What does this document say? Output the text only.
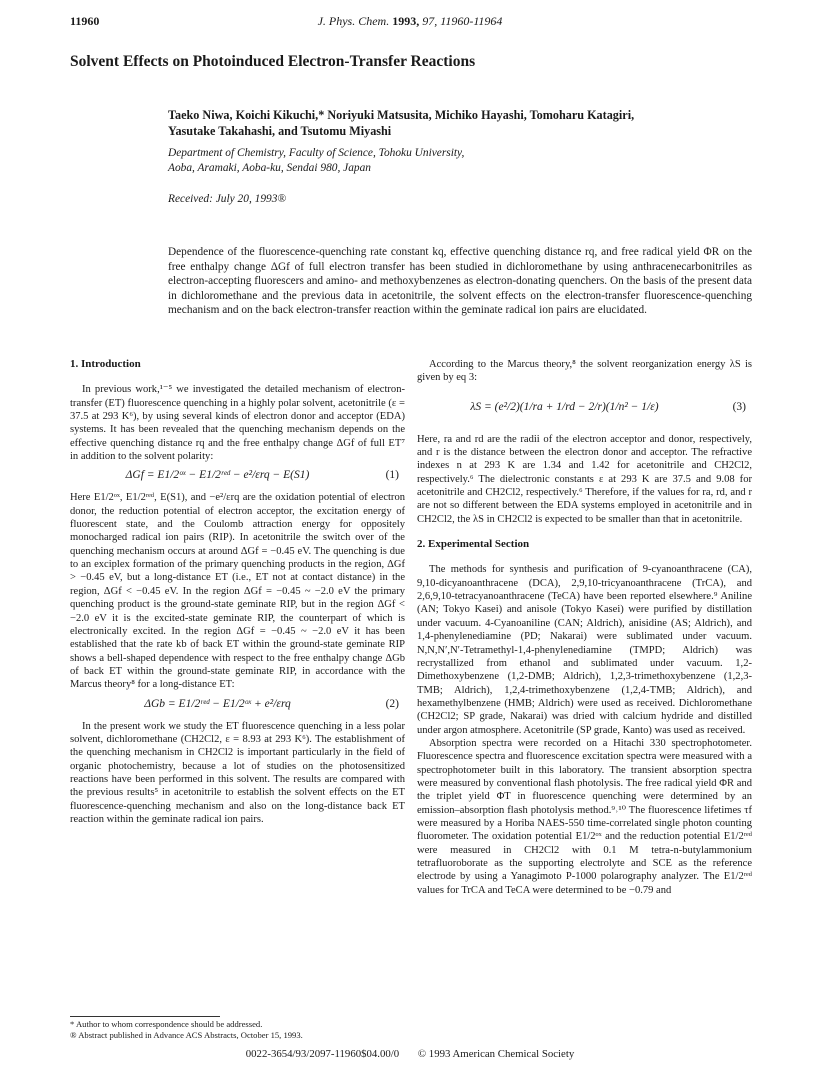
11960	J. Phys. Chem. 1993, 97, 11960-11964
Solvent Effects on Photoinduced Electron-Transfer Reactions
Taeko Niwa, Koichi Kikuchi,* Noriyuki Matsusita, Michiko Hayashi, Tomoharu Katagiri,
Yasutake Takahashi, and Tsutomu Miyashi
Department of Chemistry, Faculty of Science, Tohoku University,
Aoba, Aramaki, Aoba-ku, Sendai 980, Japan
Received: July 20, 1993®
Dependence of the fluorescence-quenching rate constant kq, effective quenching distance rq, and free radical yield ΦR on the free enthalpy change ΔGf of full electron transfer has been studied in dichloromethane by using anthracenecarbonitriles as electron-accepting fluorescers and amino- and methoxybenzenes as electron-donating quenchers. On the basis of the present data in dichloromethane and the previous data in acetonitrile, the solvent effects on the electron-transfer fluorescence-quenching mechanism and on the back electron-transfer reaction within the geminate radical ion pairs are elucidated.
1. Introduction

In previous work,¹⁻⁵ we investigated the detailed mechanism of electron-transfer (ET) fluorescence quenching in a highly polar solvent, acetonitrile (ε = 37.5 at 293 K⁶), by using several kinds of electron donor and acceptor (EDA) systems. It has been revealed that the quenching mechanism depends on the effective quenching distance rq and the free enthalpy change ΔGf of full ET⁷ in addition to the solvent polarity:

ΔGf = E1/2ᵒˣ − E1/2ʳᵉᵈ − e²/εrq − E(S1)	(1)

Here E1/2ᵒˣ, E1/2ʳᵉᵈ, E(S1), and −e²/εrq are the oxidation potential of electron donor, the reduction potential of electron acceptor, the excitation energy of fluorescent state, and the Coulomb attraction energy for oppositely monocharged radical ion pairs (RIP). In acetonitrile the switch over of the quenching mechanism occurs at around ΔGf = −0.45 eV. The quenching is due to an exciplex formation of the primary quenching products in the region, ΔGf > −0.45 eV, but a long-distance ET (i.e., ET not at contact distance) in the region, ΔGf < −0.45 eV. In the region ΔGf = −0.45 ~ −2.0 eV the primary quenching product is the ground-state geminate RIP, but in the region ΔGf < −2.0 eV it is the excited-state geminate RIP, the counterpart of which is electronically excited. In the region ΔGf = −0.45 ~ −2.0 eV it has been established that the rate kb of back ET within the ground-state geminate RIP shows a bell-shaped dependence with respect to the free enthalpy change ΔGb of back ET within the ground-state geminate RIP, in accordance with the Marcus theory⁸ for a long-distance ET:

ΔGb = E1/2ʳᵉᵈ − E1/2ᵒˣ + e²/εrq	(2)

In the present work we study the ET fluorescence quenching in a less polar solvent, dichloromethane (CH2Cl2, ε = 8.93 at 293 K⁶). The establishment of the quenching mechanism in CH2Cl2 is important particularly in the field of organic photochemistry, because a lot of studies on the photosensitized reactions have been performed in this solvent. The results are compared with the previous results⁵ in acetonitrile to establish the solvent effects on the ET fluorescence-quenching mechanism and also on the long-distance back ET reaction within the geminate radical ion pairs.

According to the Marcus theory,⁸ the solvent reorganization energy λS is given by eq 3:

λS = (e²/2)(1/ra + 1/rd − 2/r)(1/n² − 1/ε)	(3)

Here, ra and rd are the radii of the electron acceptor and donor, respectively, and r is the distance between the electron donor and acceptor. The refractive indexes n at 293 K are 1.34 and 1.42 for acetonitrile and CH2Cl2, respectively.⁶ The dielectronic constants ε at 293 K are 37.5 and 9.08 for acetonitrile and CH2Cl2, respectively.⁶ Therefore, if the values for ra, rd, and r are not so different between the EDA systems employed in acetonitrile and in CH2Cl2, the λS in CH2Cl2 is expected to be smaller than that in acetonitrile.

2. Experimental Section

The methods for synthesis and purification of 9-cyanoanthracene (CA), 9,10-dicyanoanthracene (DCA), 2,9,10-tricyanoanthracene (TrCA), and 2,6,9,10-tetracyanoanthracene (TeCA) have been reported elsewhere.⁹ Aniline (AN; Tokyo Kasei) and anisole (Tokyo Kasei) were purified by distillation under vacuum. 4-Cyanoaniline (CAN; Aldrich), anisidine (AS; Aldrich), and 1,4-phenylenediamine (PD; Nakarai) were sublimated under vacuum. N,N,N′,N′-Tetramethyl-1,4-phenylenediamine (TMPD; Aldrich) was recrystallized from ethanol and sublimated under vacuum. 1,2-Dimethoxybenzene (1,2-DMB; Aldrich), 1,2,3-trimethoxybenzene (1,2,3-TMB; Aldrich), 1,2,4-trimethoxybenzene (1,2,4-TMB; Aldrich), and hexamethylbenzene (HMB; Aldrich) were used as received. Dichloromethane (CH2Cl2; SP grade, Nakarai) was dried with calcium hydride and distilled under argon atmosphere. Acetonitrile (SP grade, Kanto) was used as received.

Absorption spectra were recorded on a Hitachi 330 spectrophotometer. Fluorescence spectra and fluorescence excitation spectra were measured with a spectrophotometer built in this laboratory. The transient absorption spectra were measured by conventional flash photolysis. The free radical yield ΦR and the triplet yield ΦT in fluorescence quenching were determined by an emission–absorption flash photolysis method.⁹˒¹⁰ The fluorescence lifetimes τf were measured by a Horiba NAES-550 time-correlated single photon counting fluorometer. The oxidation potential E1/2ᵒˣ and the reduction potential E1/2ʳᵉᵈ were measured in CH2Cl2 with 0.1 M tetra-n-butylammonium tetrafluoroborate as the supporting electrolyte and SCE as the reference electrode by using a Yanagimoto P-1000 polarography analyzer. The E1/2ʳᵉᵈ values for TrCA and TeCA were determined to be −0.79 and

* Author to whom correspondence should be addressed.
® Abstract published in Advance ACS Abstracts, October 15, 1993.
0022-3654/93/2097-11960$04.00/0 © 1993 American Chemical Society
